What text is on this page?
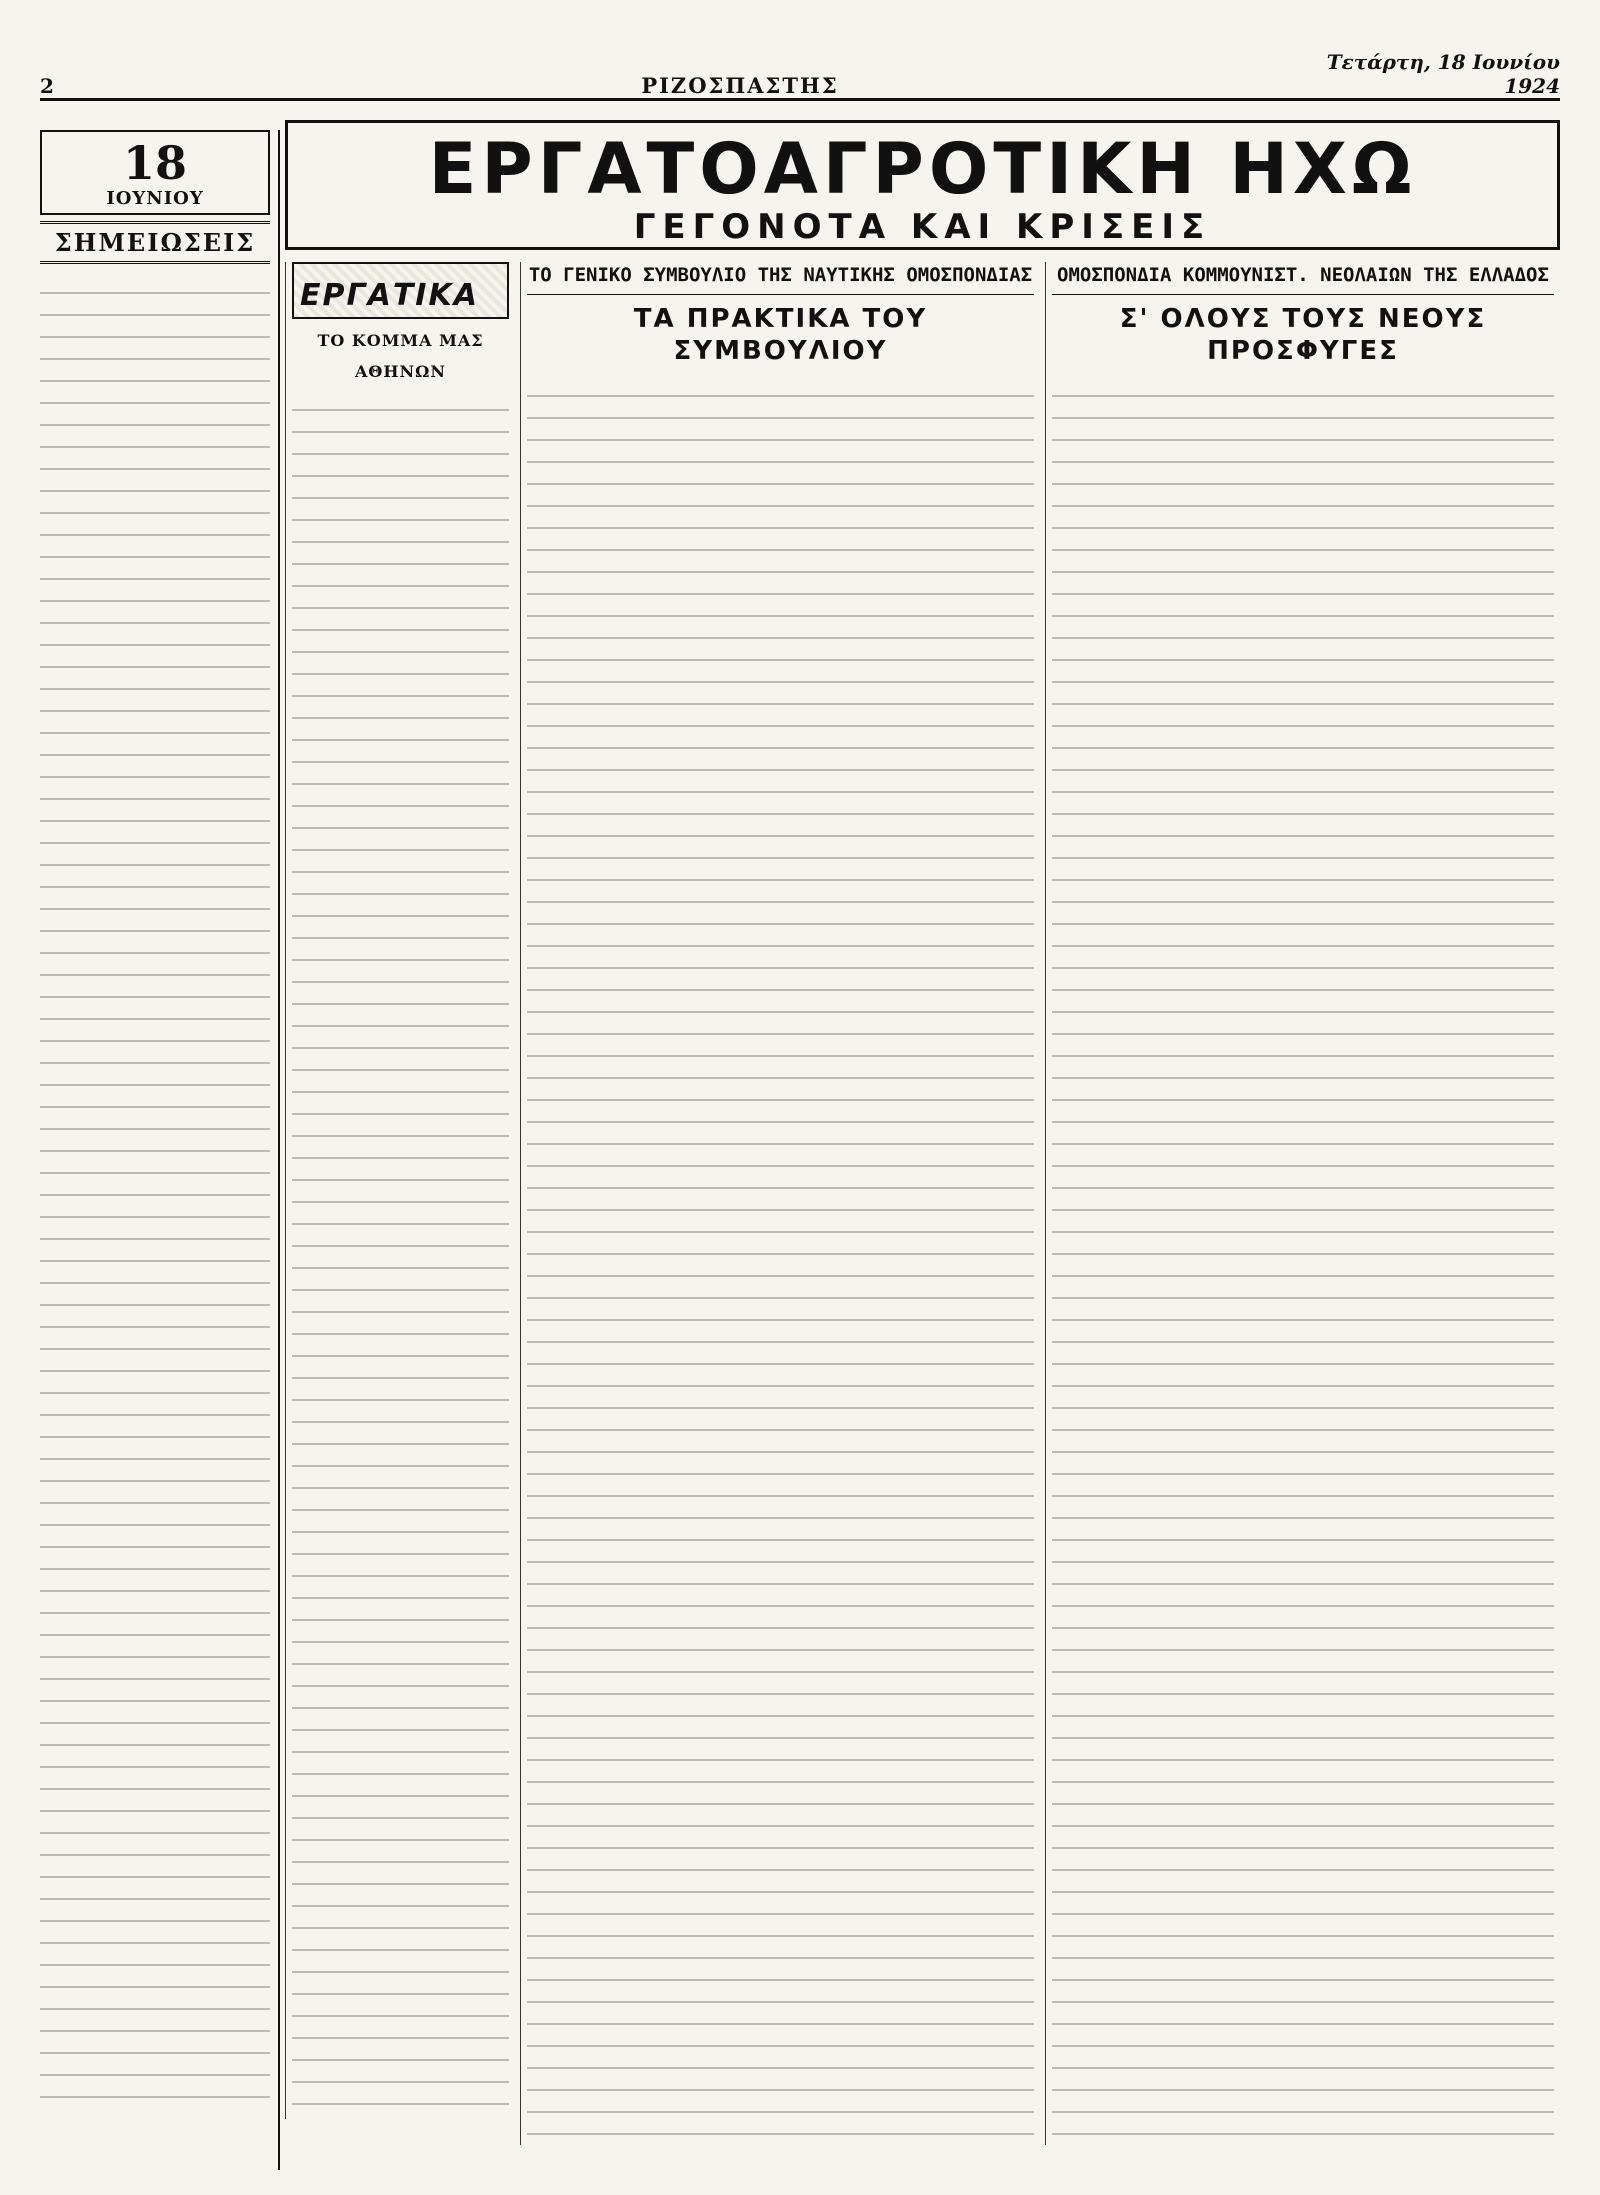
2	ΡΙΖΟΣΠΑΣΤΗΣ
Τετάρτη, 18 Ιουνίου 1924
18
ΙΟΥΝΙΟΥ
ΣΗΜΕΙΩΣΕΙΣ
ΕΡΓΑΤΟΑΓΡΟΤΙΚΗ ΗΧΩ
ΓΕΓΟΝΟΤΑ ΚΑΙ ΚΡΙΣΕΙΣ
ΕΡΓΑΤΙΚΑ
ΤΟ ΚΟΜΜΑ ΜΑΣ
ΑΘΗΝΩΝ
ΤΟ ΓΕΝΙΚΟ ΣΥΜΒΟΥΛΙΟ ΤΗΣ ΝΑΥΤΙΚΗΣ ΟΜΟΣΠΟΝΔΙΑΣ
ΤΑ ΠΡΑΚΤΙΚΑ ΤΟΥ ΣΥΜΒΟΥΛΙΟΥ
ΟΜΟΣΠΟΝΔΙΑ ΚΟΜΜΟΥΝΙΣΤ. ΝΕΟΛΑΙΩΝ ΤΗΣ ΕΛΛΑΔΟΣ
Σ' ΟΛΟΥΣ ΤΟΥΣ ΝΕΟΥΣ ΠΡΟΣΦΥΓΕΣ
